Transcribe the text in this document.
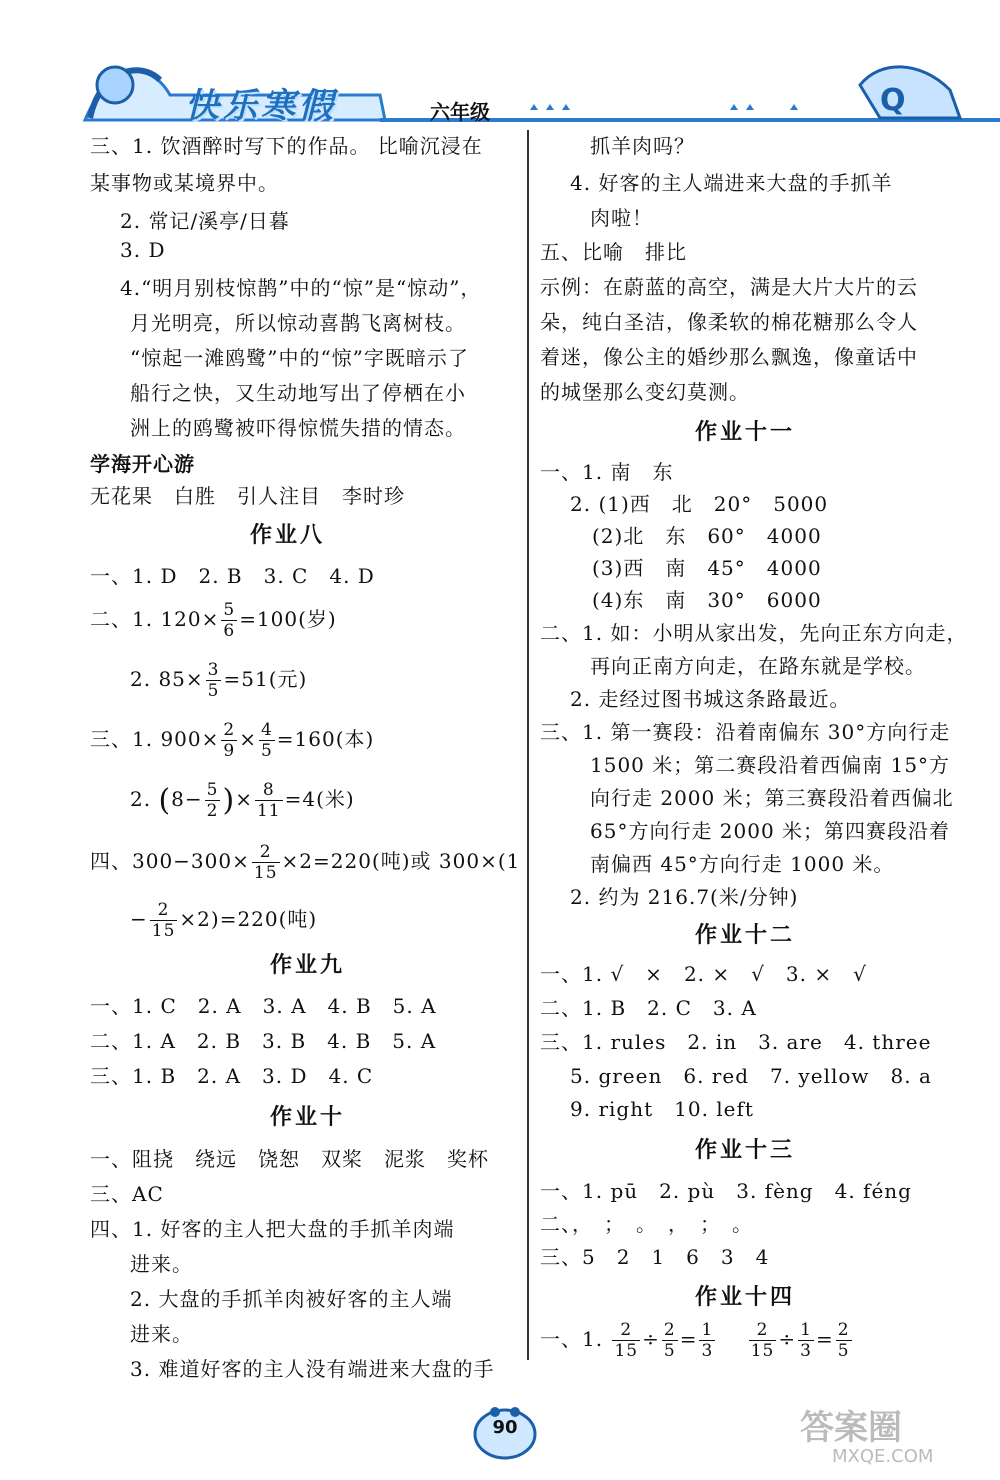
Q
快乐寒假	六年级
三、1. 饮酒醉时写下的作品。 比喻沉浸在
某事物或某境界中。
2. 常记/溪亭/日暮
3. D
4.“明月别枝惊鹊”中的“惊”是“惊动”，
月光明亮，所以惊动喜鹊飞离树枝。
“惊起一滩鸥鹭”中的“惊”字既暗示了
船行之快，又生动地写出了停栖在小
洲上的鸥鹭被吓得惊慌失措的情态。
学海开心游
无花果　白胜　引人注目　李时珍
作业八
一、1. D　2. B　3. C　4. D
二、1. $120\times \frac{5}{6} =100$(岁)
2. $85\times \frac{3}{5} =51$(元)
三、1. $900\times \frac{2}{9} \times \frac{4}{5} =160$(本)
2. ($8- \frac{5}{2}$ )× $\frac{8}{11} =4$(米)
四、$300-300\times \frac{2}{15} \times 2=220$(吨)或 300×(1
− $\frac{2}{15} \times 2)=220$(吨)
作业九
一、1. C　2. A　3. A　4. B　5. A
二、1. A　2. B　3. B　4. B　5. A
三、1. B　2. A　3. D　4. C
作业十
一、阻挠　绕远　饶恕　双桨　泥浆　奖杯
三、AC
四、1. 好客的主人把大盘的手抓羊肉端
进来。
2. 大盘的手抓羊肉被好客的主人端
进来。
3. 难道好客的主人没有端进来大盘的手
抓羊肉吗？
4. 好客的主人端进来大盘的手抓羊
肉啦！
五、比喻　排比
示例：在蔚蓝的高空，满是大片大片的云
朵，纯白圣洁，像柔软的棉花糖那么令人
着迷，像公主的婚纱那么飘逸，像童话中
的城堡那么变幻莫测。
作业十一
一、1. 南　东
2. (1)西　北　20°　5000
(2)北　东　60°　4000
(3)西　南　45°　4000
(4)东　南　30°　6000
二、1. 如：小明从家出发，先向正东方向走，
再向正南方向走，在路东就是学校。
2. 走经过图书城这条路最近。
三、1. 第一赛段：沿着南偏东 30°方向行走
1500 米；第二赛段沿着西偏南 15°方
向行走 2000 米；第三赛段沿着西偏北
65°方向行走 2000 米；第四赛段沿着
南偏西 45°方向行走 1000 米。
2. 约为 216.7(米/分钟)
作业十二
一、1. √　×　2. ×　√　3. ×　√
二、1. B　2. C　3. A
三、1. rules　2. in　3. are　4. three
5. green　6. red　7. yellow　8. a
9. right　10. left
作业十三
一、1. pū　2. pù　3. fèng　4. féng
二、，　；　。　，　；　。
三、5　2　1　6　3　4
作业十四
一、1. $\frac{2}{15} \div \frac{2}{5} = \frac{1}{3}$
$\frac{2}{15} \div \frac{1}{3} = \frac{2}{5}$
90	答案圈
MXQE.COM
